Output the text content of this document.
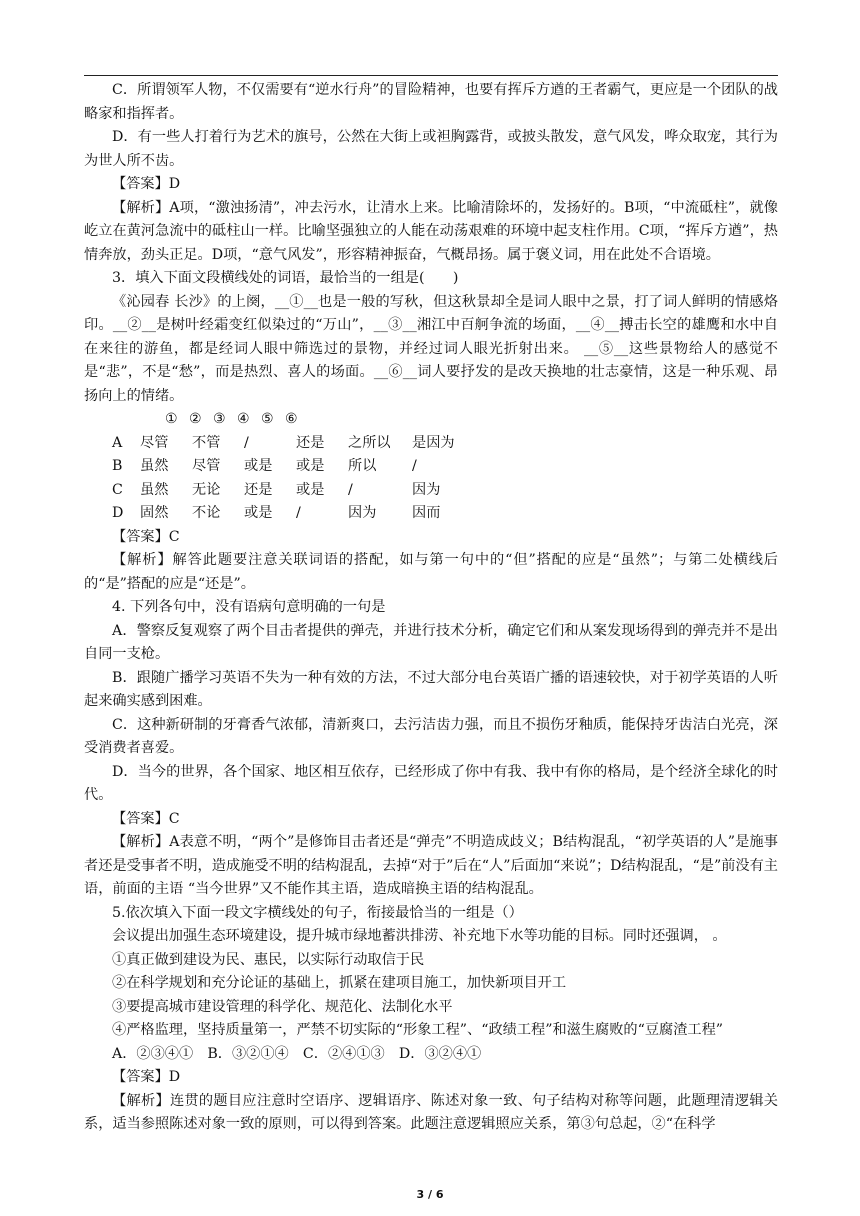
C．所谓领军人物，不仅需要有“逆水行舟”的冒险精神，也要有挥斥方遒的王者霸气，更应是一个团队的战略家和指挥者。

D．有一些人打着行为艺术的旗号，公然在大街上或袒胸露背，或披头散发，意气风发，哗众取宠，其行为为世人所不齿。

【答案】D

【解析】A项，“激浊扬清”，冲去污水，让清水上来。比喻清除坏的，发扬好的。B项，“中流砥柱”，就像屹立在黄河急流中的砥柱山一样。比喻坚强独立的人能在动荡艰难的环境中起支柱作用。C项，“挥斥方遒”，热情奔放，劲头正足。D项，“意气风发”，形容精神振奋，气概昂扬。属于褒义词，用在此处不合语境。

3．填入下面文段横线处的词语，最恰当的一组是(　　)

《沁园春 长沙》的上阕，__①__也是一般的写秋，但这秋景却全是词人眼中之景，打了词人鲜明的情感烙印。__②__是树叶经霜变红似染过的“万山”，__③__湘江中百舸争流的场面，__④__搏击长空的雄鹰和水中自在来往的游鱼，都是经词人眼中筛选过的景物，并经过词人眼光折射出来。 __⑤__这些景物给人的感觉不是“悲”，不是“愁”，而是热烈、喜人的场面。__⑥__词人要抒发的是改天换地的壮志豪情，这是一种乐观、昂扬向上的情绪。

① ② ③ ④ ⑤ ⑥
A	尽管	不管	/	还是	之所以	是因为
B	虽然	尽管	或是	或是	所以	/
C	虽然	无论	还是	或是	/	因为
D	固然	不论	或是	/	因为	因而

【答案】C

【解析】解答此题要注意关联词语的搭配，如与第一句中的“但”搭配的应是“虽然”；与第二处横线后的“是”搭配的应是“还是”。

4. 下列各句中，没有语病句意明确的一句是

A．警察反复观察了两个目击者提供的弹壳，并进行技术分析，确定它们和从案发现场得到的弹壳并不是出自同一支枪。

B．跟随广播学习英语不失为一种有效的方法，不过大部分电台英语广播的语速较快，对于初学英语的人听起来确实感到困难。

C．这种新研制的牙膏香气浓郁，清新爽口，去污洁齿力强，而且不损伤牙釉质，能保持牙齿洁白光亮，深受消费者喜爱。

D．当今的世界，各个国家、地区相互依存，已经形成了你中有我、我中有你的格局，是个经济全球化的时代。

【答案】C

【解析】A表意不明，“两个”是修饰目击者还是“弹壳”不明造成歧义；B结构混乱，“初学英语的人”是施事者还是受事者不明，造成施受不明的结构混乱，去掉“对于”后在“人”后面加“来说”；D结构混乱，“是”前没有主语，前面的主语 “当今世界”又不能作其主语，造成暗换主语的结构混乱。

5.依次填入下面一段文字横线处的句子，衔接最恰当的一组是（）

会议提出加强生态环境建设，提升城市绿地蓄洪排涝、补充地下水等功能的目标。同时还强调， 。

①真正做到建设为民、惠民，以实际行动取信于民

②在科学规划和充分论证的基础上，抓紧在建项目施工，加快新项目开工

③要提高城市建设管理的科学化、规范化、法制化水平

④严格监理，坚持质量第一，严禁不切实际的“形象工程”、“政绩工程”和滋生腐败的“豆腐渣工程”

A．②③④①　B．③②①④　C．②④①③　D．③②④①

【答案】D

【解析】连贯的题目应注意时空语序、逻辑语序、陈述对象一致、句子结构对称等问题，此题理清逻辑关系，适当参照陈述对象一致的原则，可以得到答案。此题注意逻辑照应关系，第③句总起，②“在科学

3 / 6
